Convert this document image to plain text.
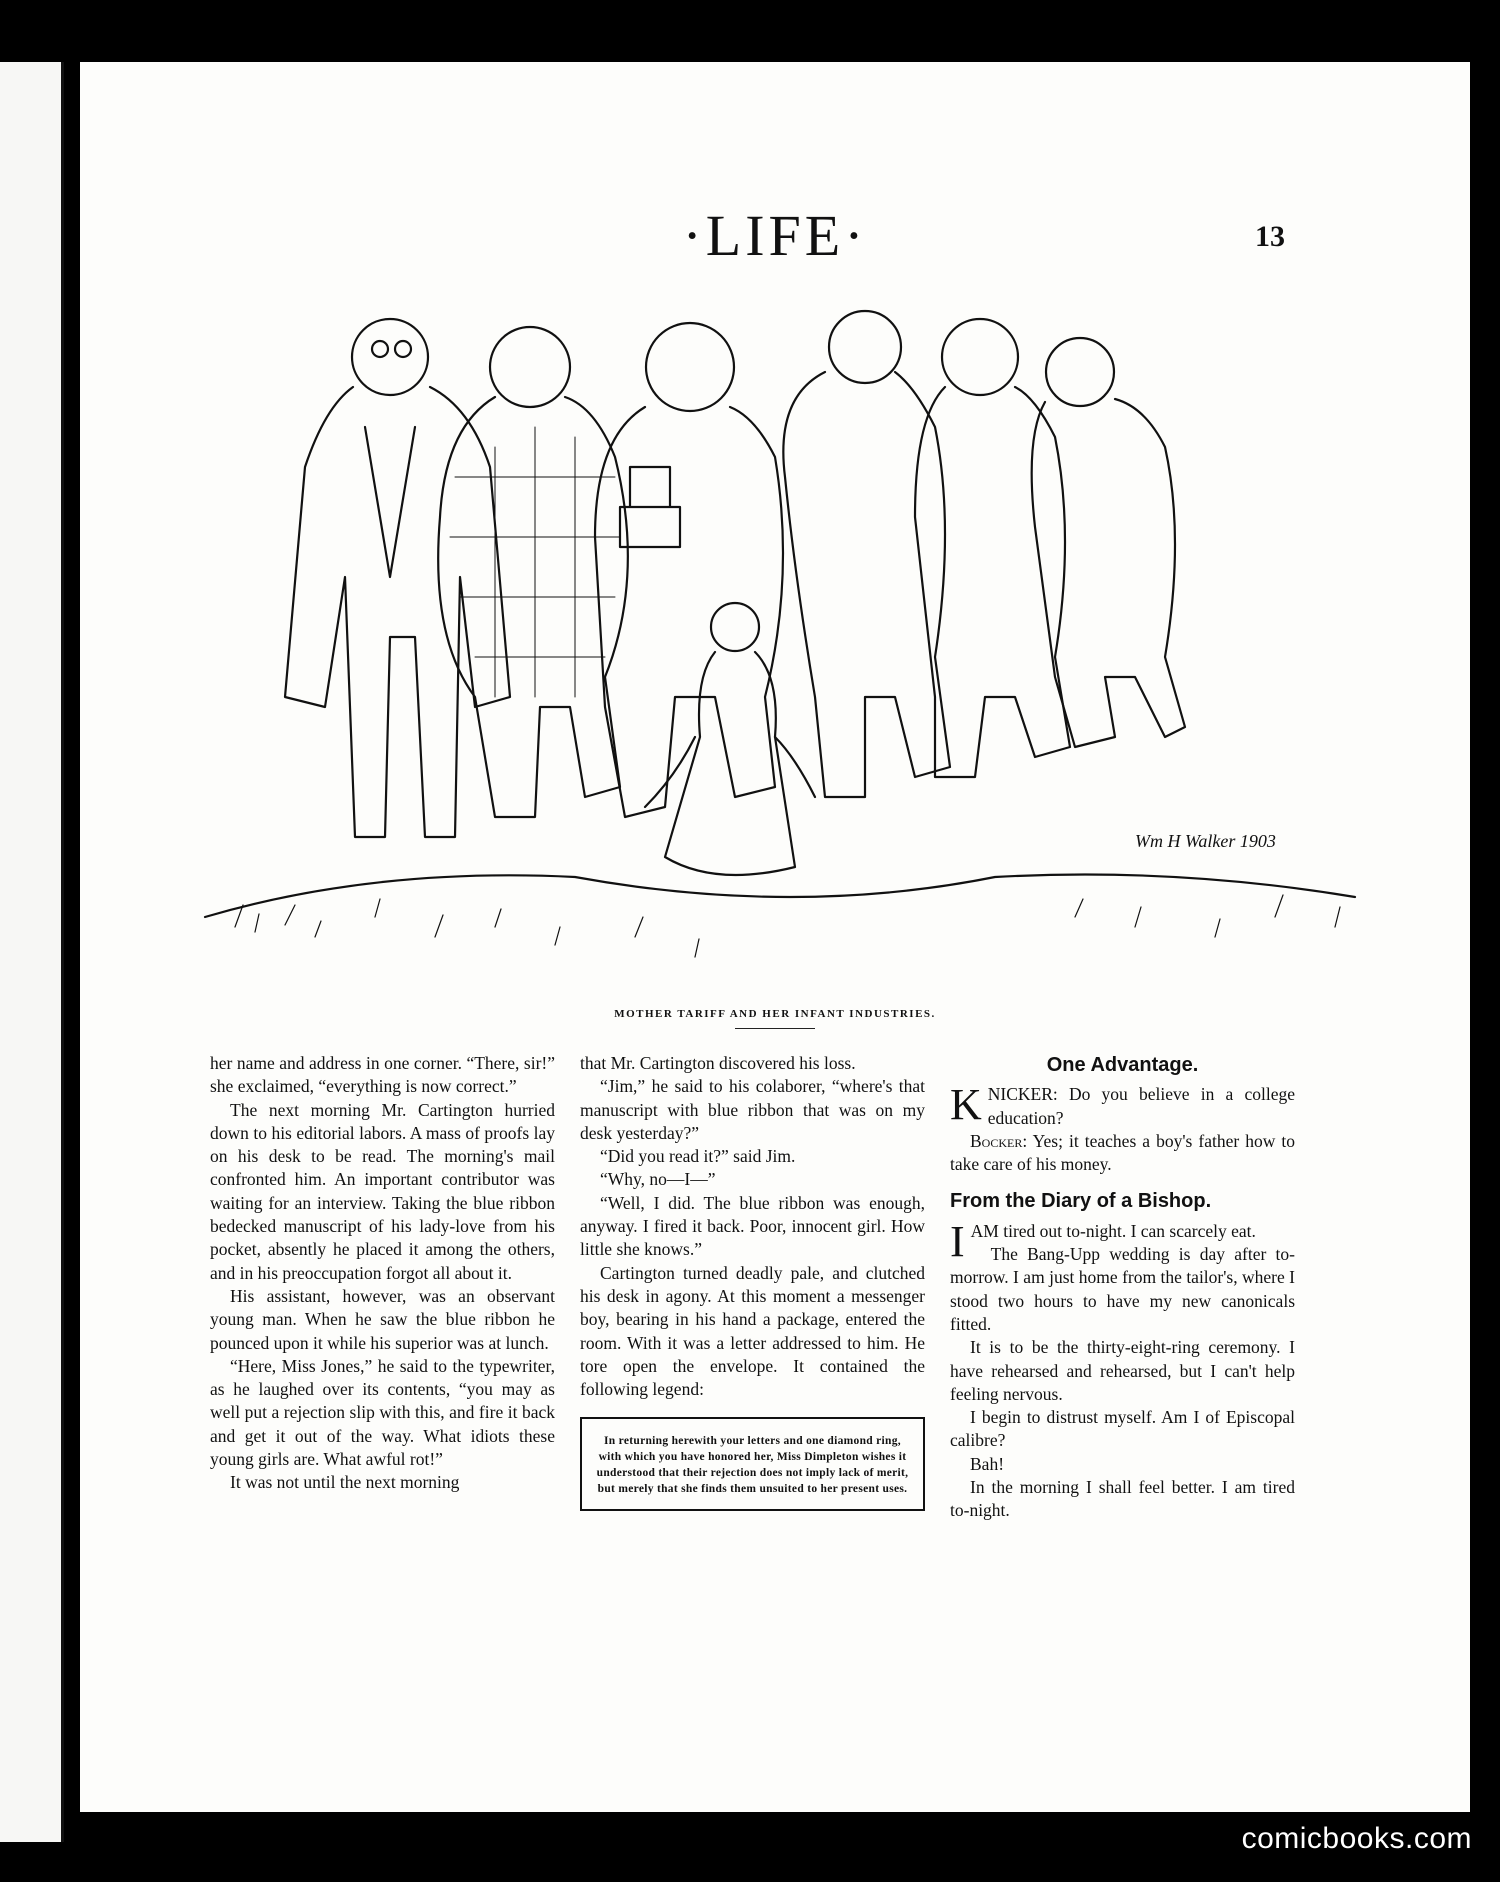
·LIFE·	13
Wm H Walker 1903
MOTHER TARIFF AND HER INFANT INDUSTRIES.

her name and address in one corner. “There, sir!” she exclaimed, “everything is now correct.”

The next morning Mr. Cartington hurried down to his editorial labors. A mass of proofs lay on his desk to be read. The morning's mail confronted him. An important contributor was waiting for an interview. Taking the blue ribbon bedecked manuscript of his lady-love from his pocket, absently he placed it among the others, and in his preoccupation forgot all about it.

His assistant, however, was an observant young man. When he saw the blue ribbon he pounced upon it while his superior was at lunch.

“Here, Miss Jones,” he said to the typewriter, as he laughed over its contents, “you may as well put a rejection slip with this, and fire it back and get it out of the way. What idiots these young girls are. What awful rot!”

It was not until the next morning

that Mr. Cartington discovered his loss.

“Jim,” he said to his colaborer, “where's that manuscript with blue ribbon that was on my desk yesterday?”

“Did you read it?” said Jim.

“Why, no—I—”

“Well, I did. The blue ribbon was enough, anyway. I fired it back. Poor, innocent girl. How little she knows.”

Cartington turned deadly pale, and clutched his desk in agony. At this moment a messenger boy, bearing in his hand a package, entered the room. With it was a letter addressed to him. He tore open the envelope. It contained the following legend:

In returning herewith your letters and one diamond ring, with which you have honored her, Miss Dimpleton wishes it understood that their rejection does not imply lack of merit, but merely that she finds them unsuited to her present uses.
One Advantage.

KNICKER: Do you believe in a college education?

Bocker: Yes; it teaches a boy's father how to take care of his money.

From the Diary of a Bishop.

IAM tired out to-night. I can scarcely eat.

The Bang-Upp wedding is day after to-morrow. I am just home from the tailor's, where I stood two hours to have my new canonicals fitted.

It is to be the thirty-eight-ring ceremony. I have rehearsed and rehearsed, but I can't help feeling nervous.

I begin to distrust myself. Am I of Episcopal calibre?

Bah!

In the morning I shall feel better. I am tired to-night.

comicbooks.com
